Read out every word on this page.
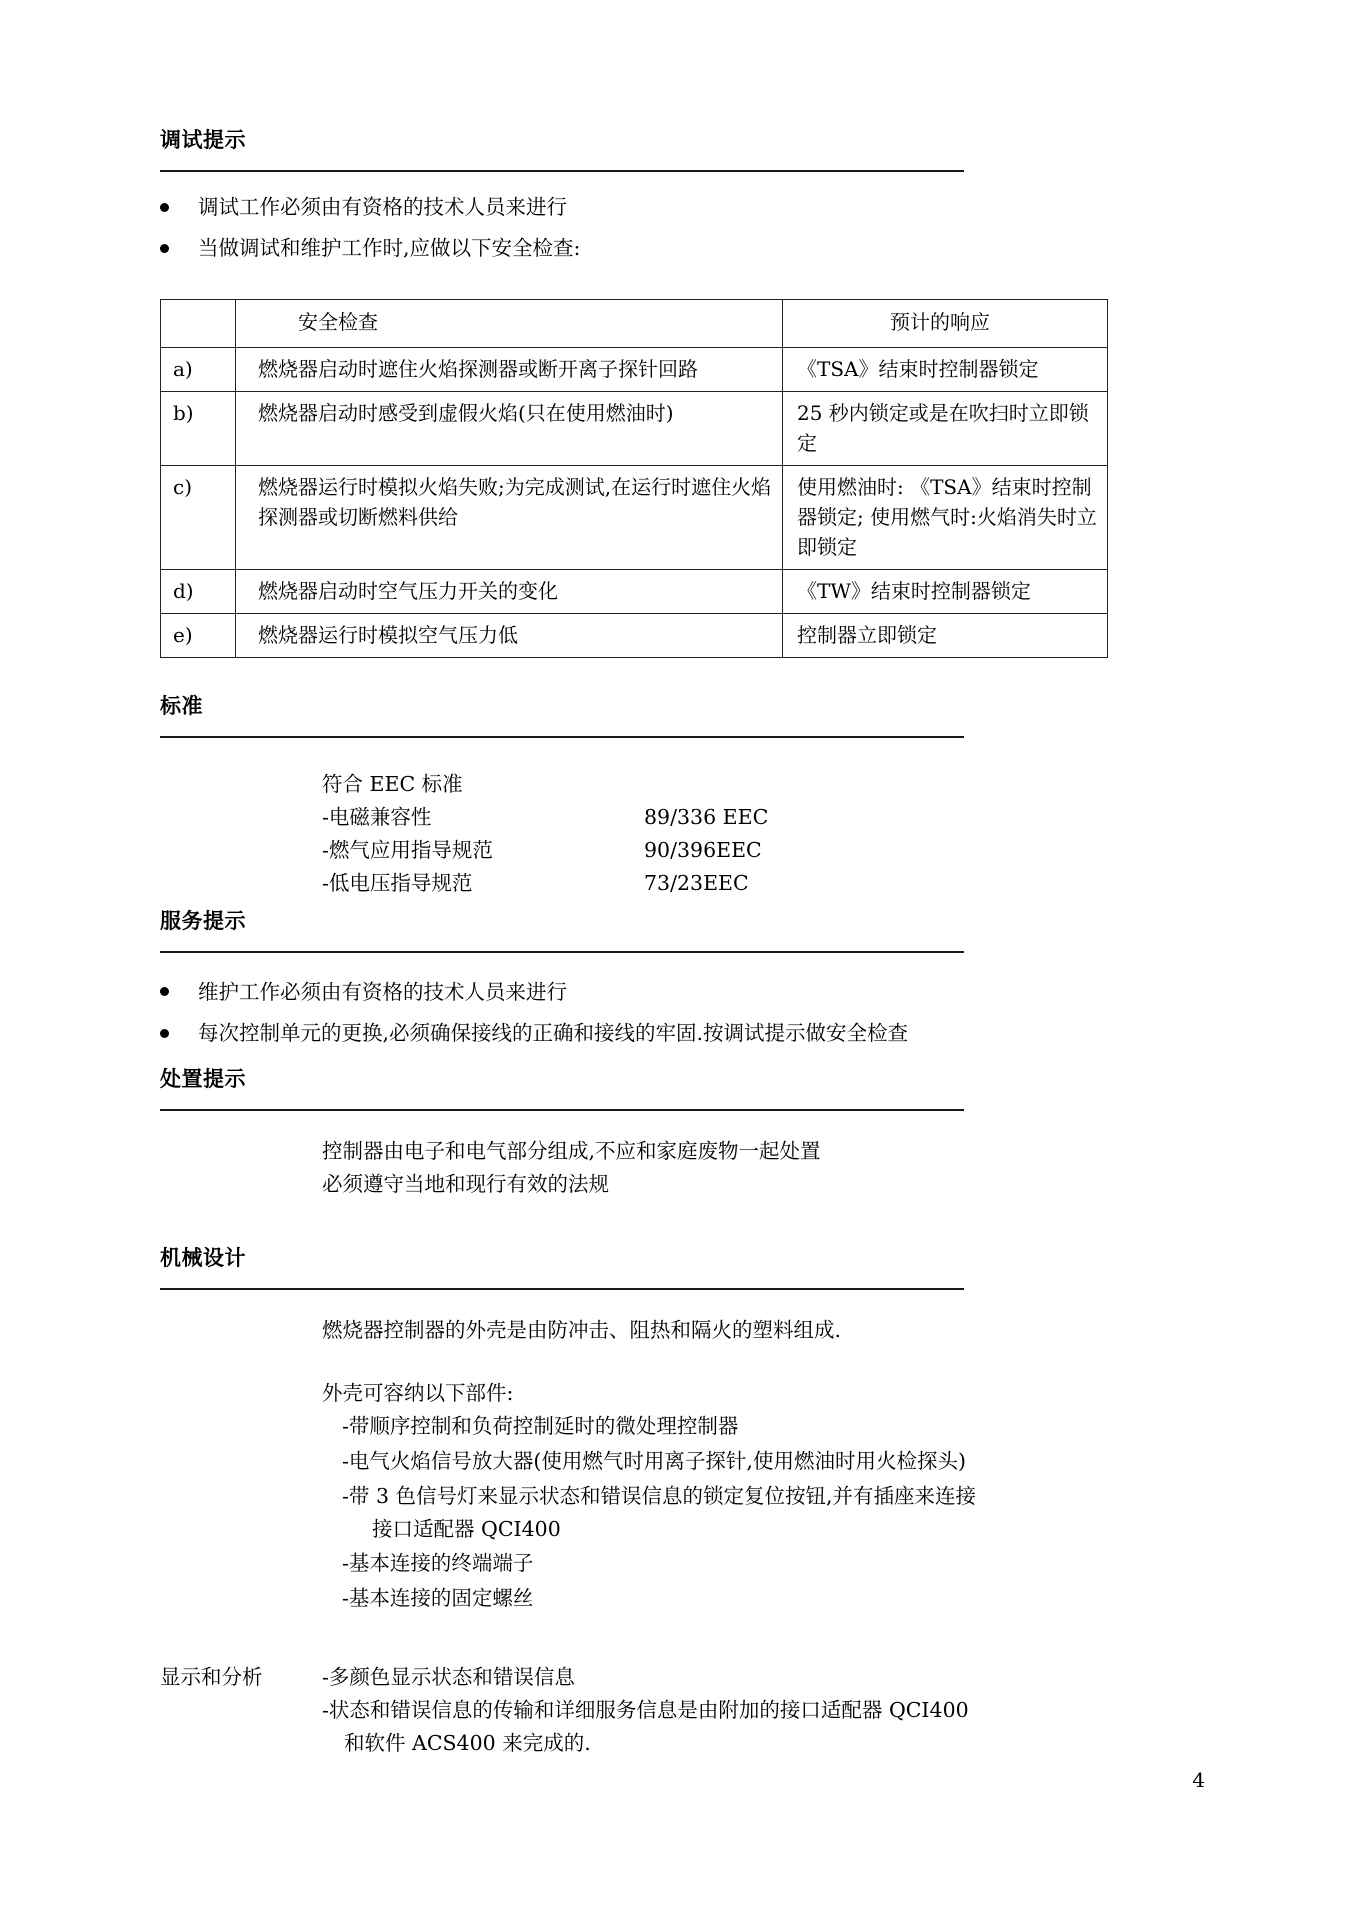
调试提示
调试工作必须由有资格的技术人员来进行
当做调试和维护工作时,应做以下安全检查:
	安全检查	预计的响应
a)	燃烧器启动时遮住火焰探测器或断开离子探针回路	《TSA》结束时控制器锁定
b)	燃烧器启动时感受到虚假火焰(只在使用燃油时)	25 秒内锁定或是在吹扫时立即锁定
c)	燃烧器运行时模拟火焰失败;为完成测试,在运行时遮住火焰探测器或切断燃料供给	使用燃油时: 《TSA》结束时控制器锁定; 使用燃气时:火焰消失时立即锁定
d)	燃烧器启动时空气压力开关的变化	《TW》结束时控制器锁定
e)	燃烧器运行时模拟空气压力低	控制器立即锁定
标准
符合 EEC 标准
-电磁兼容性	89/336 EEC
-燃气应用指导规范	90/396EEC
-低电压指导规范	73/23EEC
服务提示
维护工作必须由有资格的技术人员来进行
每次控制单元的更换,必须确保接线的正确和接线的牢固.按调试提示做安全检查
处置提示
控制器由电子和电气部分组成,不应和家庭废物一起处置
必须遵守当地和现行有效的法规
机械设计
燃烧器控制器的外壳是由防冲击、阻热和隔火的塑料组成.
外壳可容纳以下部件:
-带顺序控制和负荷控制延时的微处理控制器
-电气火焰信号放大器(使用燃气时用离子探针,使用燃油时用火检探头)
-带 3 色信号灯来显示状态和错误信息的锁定复位按钮,并有插座来连接
接口适配器 QCI400
-基本连接的终端端子
-基本连接的固定螺丝
显示和分析	-多颜色显示状态和错误信息
-状态和错误信息的传输和详细服务信息是由附加的接口适配器 QCI400
和软件 ACS400 来完成的.
4
